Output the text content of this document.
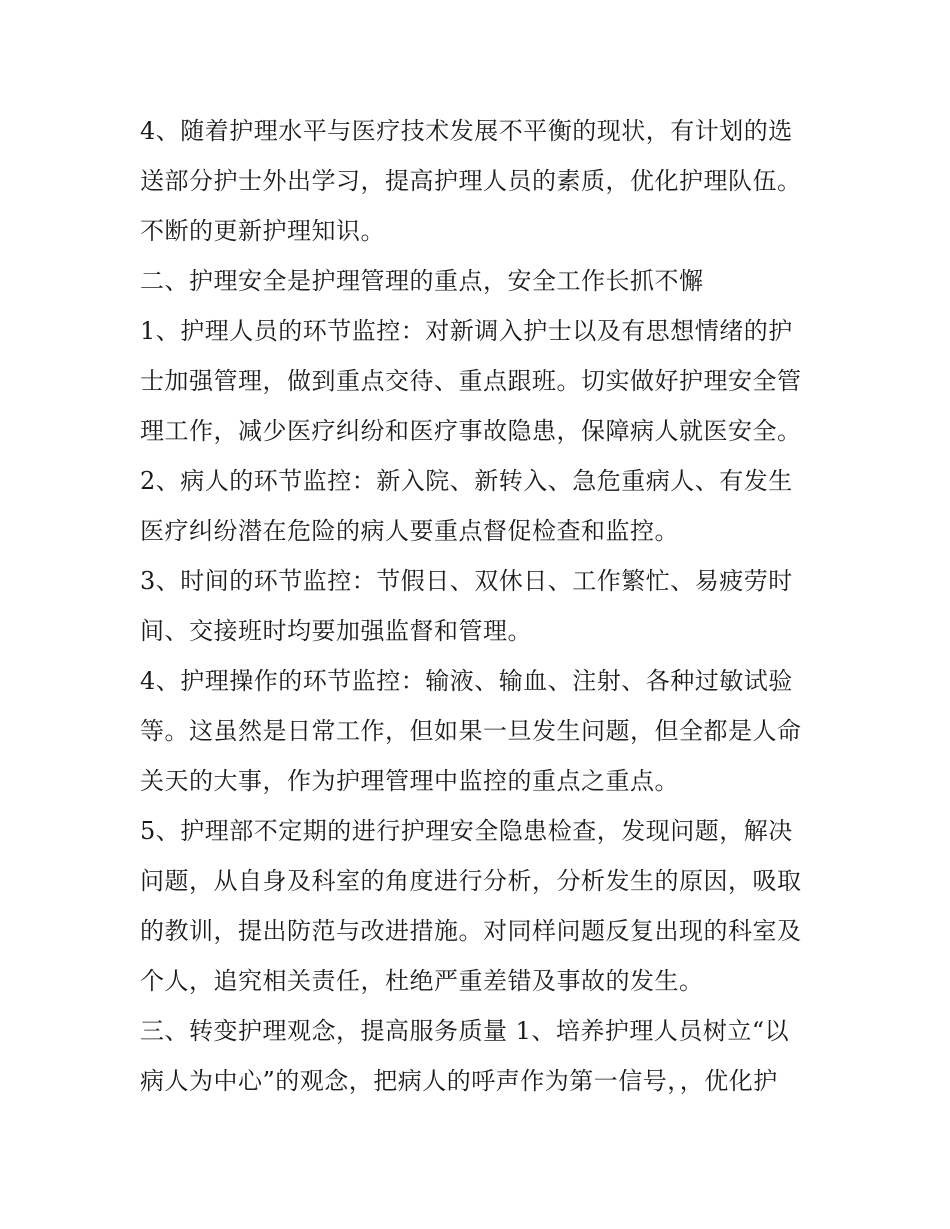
4、随着护理水平与医疗技术发展不平衡的现状，有计划的选
送部分护士外出学习，提高护理人员的素质，优化护理队伍。
不断的更新护理知识。
二、护理安全是护理管理的重点，安全工作长抓不懈
1、护理人员的环节监控：对新调入护士以及有思想情绪的护
士加强管理，做到重点交待、重点跟班。切实做好护理安全管
理工作，减少医疗纠纷和医疗事故隐患，保障病人就医安全。
2、病人的环节监控：新入院、新转入、急危重病人、有发生
医疗纠纷潜在危险的病人要重点督促检查和监控。
3、时间的环节监控：节假日、双休日、工作繁忙、易疲劳时
间、交接班时均要加强监督和管理。
4、护理操作的环节监控：输液、输血、注射、各种过敏试验
等。这虽然是日常工作，但如果一旦发生问题，但全都是人命
关天的大事，作为护理管理中监控的重点之重点。
5、护理部不定期的进行护理安全隐患检查，发现问题，解决
问题，从自身及科室的角度进行分析，分析发生的原因，吸取
的教训，提出防范与改进措施。对同样问题反复出现的科室及
个人，追究相关责任，杜绝严重差错及事故的发生。
三、转变护理观念，提高服务质量 1、培养护理人员树立“以
病人为中心”的观念，把病人的呼声作为第一信号，，优化护
